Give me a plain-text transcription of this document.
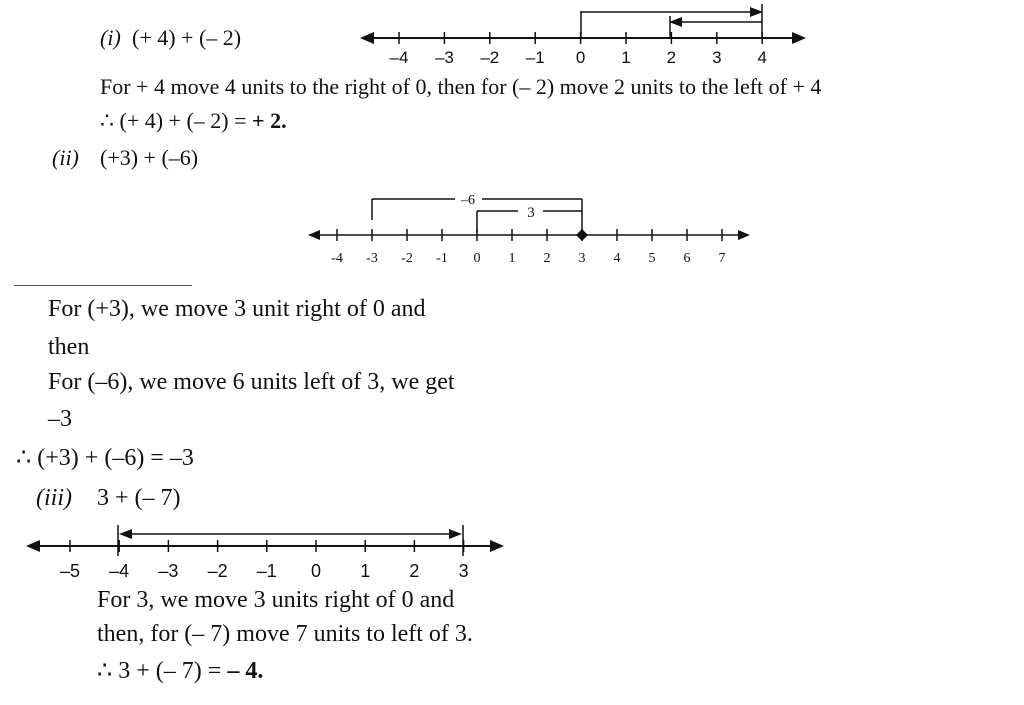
(i) (+ 4) + (– 2)
–4 –3 –2 –1 0 1 2 3 4
For + 4 move 4 units to the right of 0, then for (– 2) move 2 units to the left of + 4
∴ (+ 4) + (– 2) = + 2.
(ii) (+3) + (–6)
-4 -3 -2 -1 0 1 2 3 4 5 6 7
–6
3
For (+3), we move 3 unit right of 0 and
then
For (–6), we move 6 units left of 3, we get
–3
∴ (+3) + (–6) = –3
(iii) 3 + (– 7)
–5 –4 –3 –2 –1 0 1 2 3
For 3, we move 3 units right of 0 and
then, for (– 7) move 7 units to left of 3.
∴ 3 + (– 7) = – 4.
